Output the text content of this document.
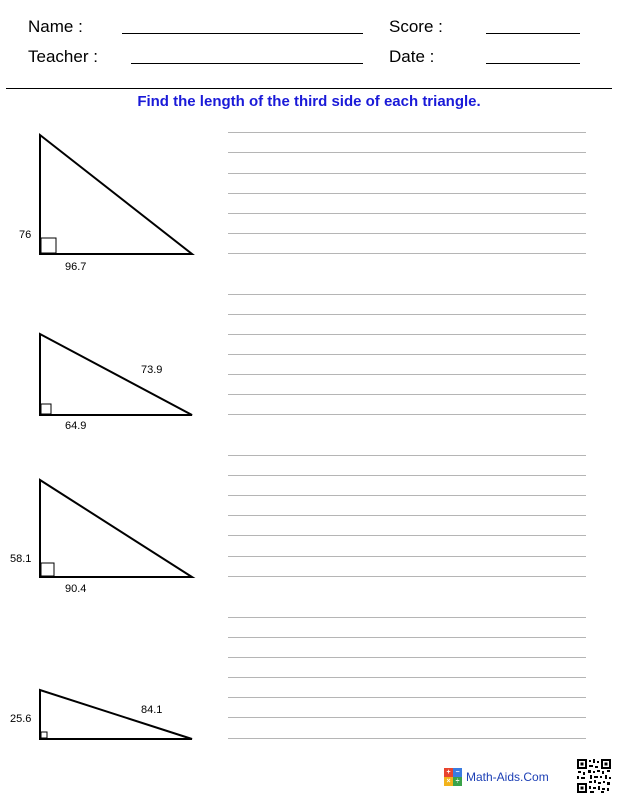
Name :	Score :
Teacher :	Date :
Find the length of the third side of each triangle.
76
96.7
73.9
64.9
58.1
90.4
25.6
84.1
+ −
× ÷ Math-Aids.Com
